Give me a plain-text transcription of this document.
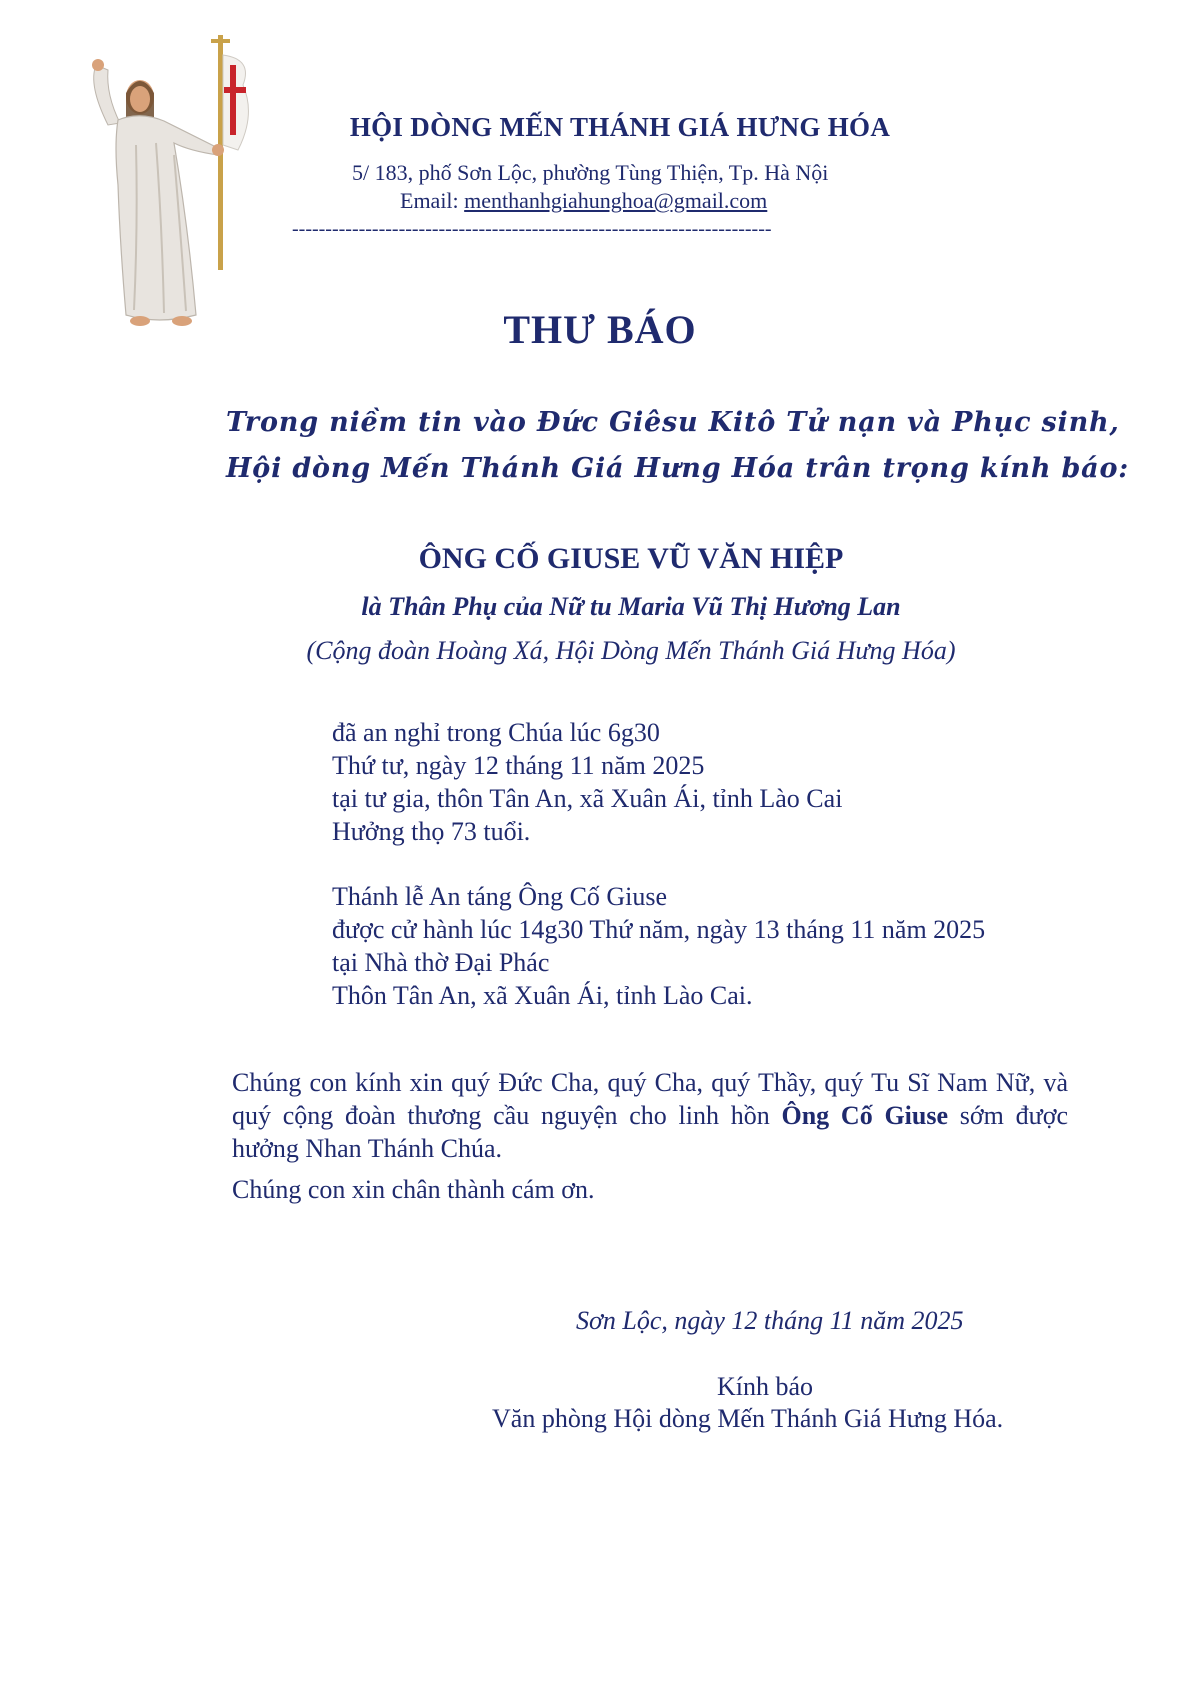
HỘI DÒNG MẾN THÁNH GIÁ HƯNG HÓA
5/ 183, phố Sơn Lộc, phường Tùng Thiện, Tp. Hà Nội
Email: menthanhgiahunghoa@gmail.com
------------------------------------------------------------------------
THƯ BÁO
Trong niềm tin vào Đức Giêsu Kitô Tử nạn và Phục sinh,
Hội dòng Mến Thánh Giá Hưng Hóa trân trọng kính báo:
ÔNG CỐ GIUSE VŨ VĂN HIỆP
là Thân Phụ của Nữ tu Maria Vũ Thị Hương Lan
(Cộng đoàn Hoàng Xá, Hội Dòng Mến Thánh Giá Hưng Hóa)
đã an nghỉ trong Chúa lúc 6g30
Thứ tư, ngày 12 tháng 11 năm 2025
tại tư gia, thôn Tân An, xã Xuân Ái, tỉnh Lào Cai
Hưởng thọ 73 tuổi.
Thánh lễ An táng Ông Cố Giuse
được cử hành lúc 14g30 Thứ năm, ngày 13 tháng 11 năm 2025
tại Nhà thờ Đại Phác
Thôn Tân An, xã Xuân Ái, tỉnh Lào Cai.
Chúng con kính xin quý Đức Cha, quý Cha, quý Thầy, quý Tu Sĩ Nam Nữ, và quý cộng đoàn thương cầu nguyện cho linh hồn Ông Cố Giuse sớm được hưởng Nhan Thánh Chúa.
Chúng con xin chân thành cám ơn.
Sơn Lộc, ngày 12 tháng 11 năm 2025
Kính báo
Văn phòng Hội dòng Mến Thánh Giá Hưng Hóa.
